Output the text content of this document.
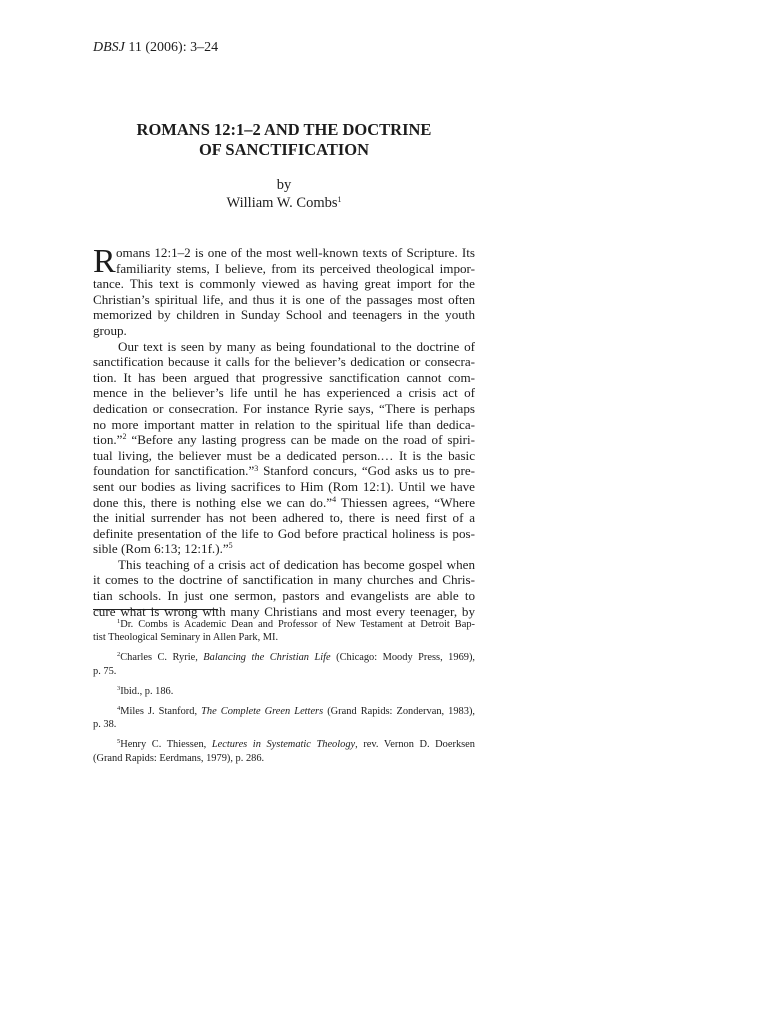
DBSJ 11 (2006): 3–24
ROMANS 12:1–2 AND THE DOCTRINE
OF SANCTIFICATION
by
William W. Combs$^1$
R omans 12:1–2 is one of the most well-known texts of Scripture. Its
familiarity stems, I believe, from its perceived theological impor-
tance. This text is commonly viewed as having great import for the
Christian’s spiritual life, and thus it is one of the passages most often
memorized by children in Sunday School and teenagers in the youth
group.
Our text is seen by many as being foundational to the doctrine of
sanctification because it calls for the believer’s dedication or consecra-
tion. It has been argued that progressive sanctification cannot com-
mence in the believer’s life until he has experienced a crisis act of
dedication or consecration. For instance Ryrie says, “There is perhaps
no more important matter in relation to the spiritual life than dedica-
tion.”$^2$ “Before any lasting progress can be made on the road of spiri-
tual living, the believer must be a dedicated person.… It is the basic
foundation for sanctification.”$^3$ Stanford concurs, “God asks us to pre-
sent our bodies as living sacrifices to Him (Rom 12:1). Until we have
done this, there is nothing else we can do.”$^4$ Thiessen agrees, “Where
the initial surrender has not been adhered to, there is need first of a
definite presentation of the life to God before practical holiness is pos-
sible (Rom 6:13; 12:1f.).”$^5$
This teaching of a crisis act of dedication has become gospel when
it comes to the doctrine of sanctification in many churches and Chris-
tian schools. In just one sermon, pastors and evangelists are able to
cure what is wrong with many Christians and most every teenager, by
$^1$Dr. Combs is Academic Dean and Professor of New Testament at Detroit Bap-
tist Theological Seminary in Allen Park, MI.
$^2$Charles C. Ryrie, Balancing the Christian Life (Chicago: Moody Press, 1969),
p. 75.
$^3$Ibid., p. 186.
$^4$Miles J. Stanford, The Complete Green Letters (Grand Rapids: Zondervan, 1983),
p. 38.
$^5$Henry C. Thiessen, Lectures in Systematic Theology, rev. Vernon D. Doerksen
(Grand Rapids: Eerdmans, 1979), p. 286.
